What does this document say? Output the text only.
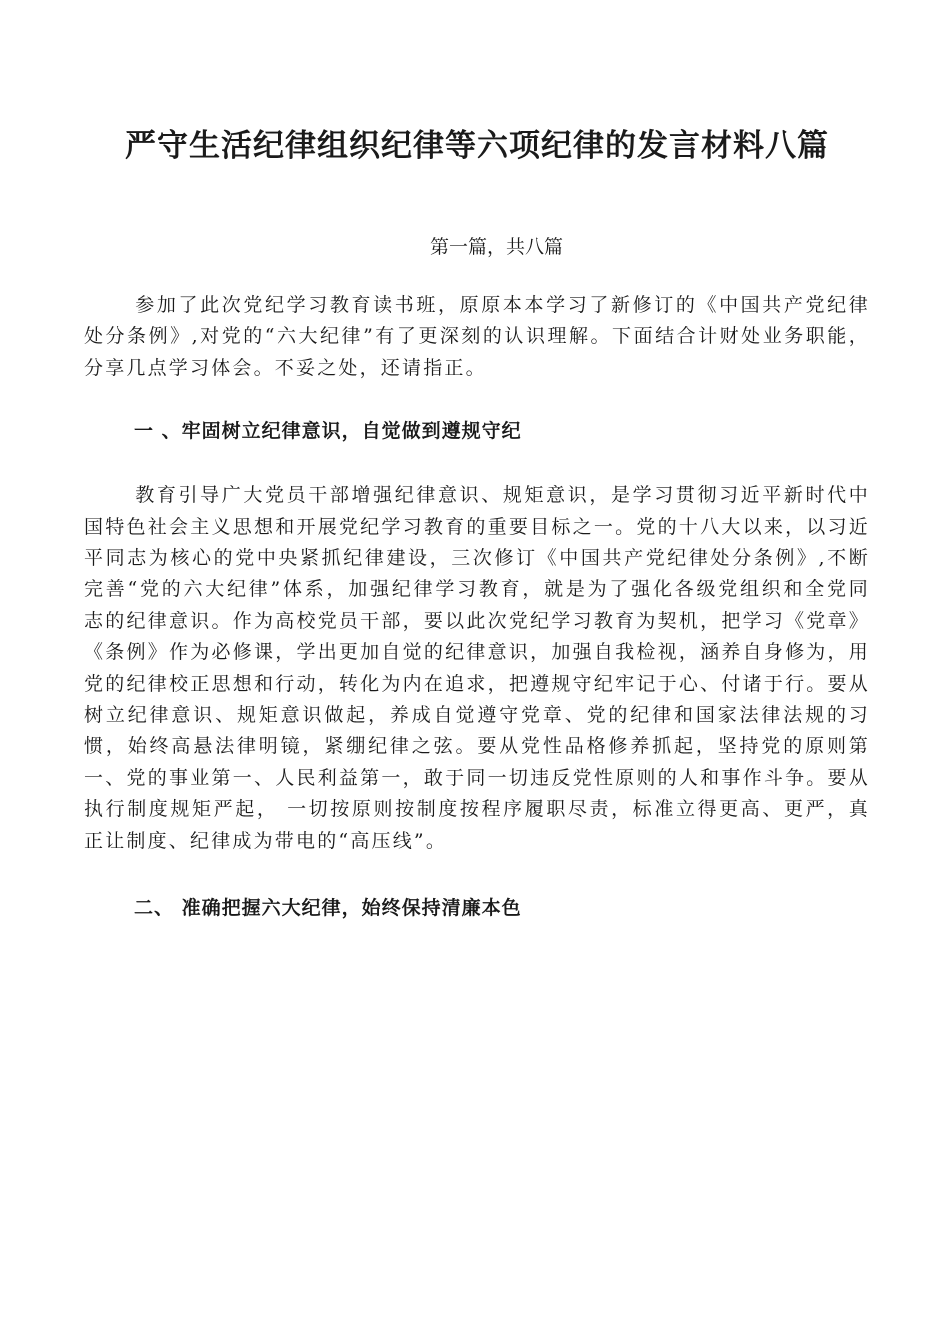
严守生活纪律组织纪律等六项纪律的发言材料八篇
第一篇，共八篇

参加了此次党纪学习教育读书班，原原本本学习了新修订的《中国共产党纪律处分条例》,对党的“六大纪律”有了更深刻的认识理解。下面结合计财处业务职能，分享几点学习体会。不妥之处，还请指正。

一 、牢固树立纪律意识，自觉做到遵规守纪

教育引导广大党员干部增强纪律意识、规矩意识，是学习贯彻习近平新时代中国特色社会主义思想和开展党纪学习教育的重要目标之一。党的十八大以来，以习近平同志为核心的党中央紧抓纪律建设，三次修订《中国共产党纪律处分条例》,不断完善“党的六大纪律”体系，加强纪律学习教育，就是为了强化各级党组织和全党同志的纪律意识。作为高校党员干部，要以此次党纪学习教育为契机，把学习《党章》 《条例》作为必修课，学出更加自觉的纪律意识，加强自我检视，涵养自身修为，用党的纪律校正思想和行动，转化为内在追求，把遵规守纪牢记于心、付诸于行。要从树立纪律意识、规矩意识做起，养成自觉遵守党章、党的纪律和国家法律法规的习惯，始终高悬法律明镜，紧绷纪律之弦。要从党性品格修养抓起，坚持党的原则第一、党的事业第一、人民利益第一，敢于同一切违反党性原则的人和事作斗争。要从执行制度规矩严起， 一切按原则按制度按程序履职尽责，标准立得更高、更严，真正让制度、纪律成为带电的“高压线”。

二、 准确把握六大纪律，始终保持清廉本色
